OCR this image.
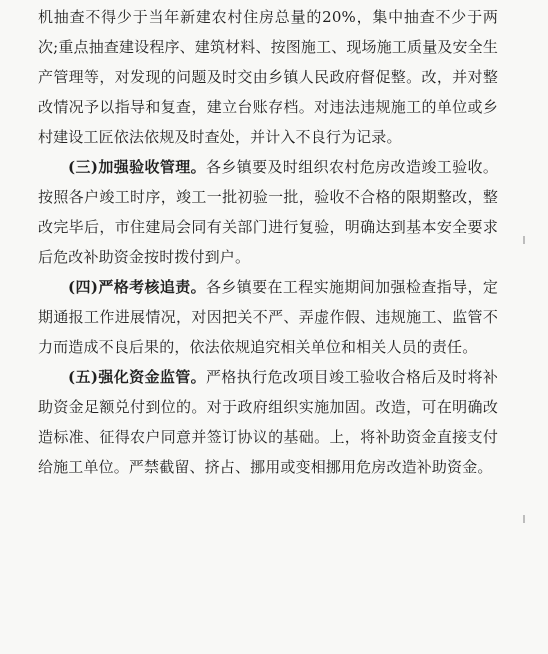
机抽查不得少于当年新建农村住房总量的20%，集中抽查不少于两次;重点抽查建设程序、建筑材料、按图施工、现场施工质量及安全生产管理等，对发现的问题及时交由乡镇人民政府督促整。改，并对整改情况予以指导和复查，建立台账存档。对违法违规施工的单位或乡村建设工匠依法依规及时查处，并计入不良行为记录。

(三)加强验收管理。各乡镇要及时组织农村危房改造竣工验收。按照各户竣工时序，竣工一批初验一批，验收不合格的限期整改，整改完毕后，市住建局会同有关部门进行复验，明确达到基本安全要求后危改补助资金按时拨付到户。

(四)严格考核追责。各乡镇要在工程实施期间加强检查指导，定期通报工作进展情况，对因把关不严、弄虚作假、违规施工、监管不力而造成不良后果的，依法依规追究相关单位和相关人员的责任。

(五)强化资金监管。严格执行危改项目竣工验收合格后及时将补助资金足额兑付到位的。对于政府组织实施加固。改造，可在明确改造标准、征得农户同意并签订协议的基础。上，将补助资金直接支付给施工单位。严禁截留、挤占、挪用或变相挪用危房改造补助资金。
